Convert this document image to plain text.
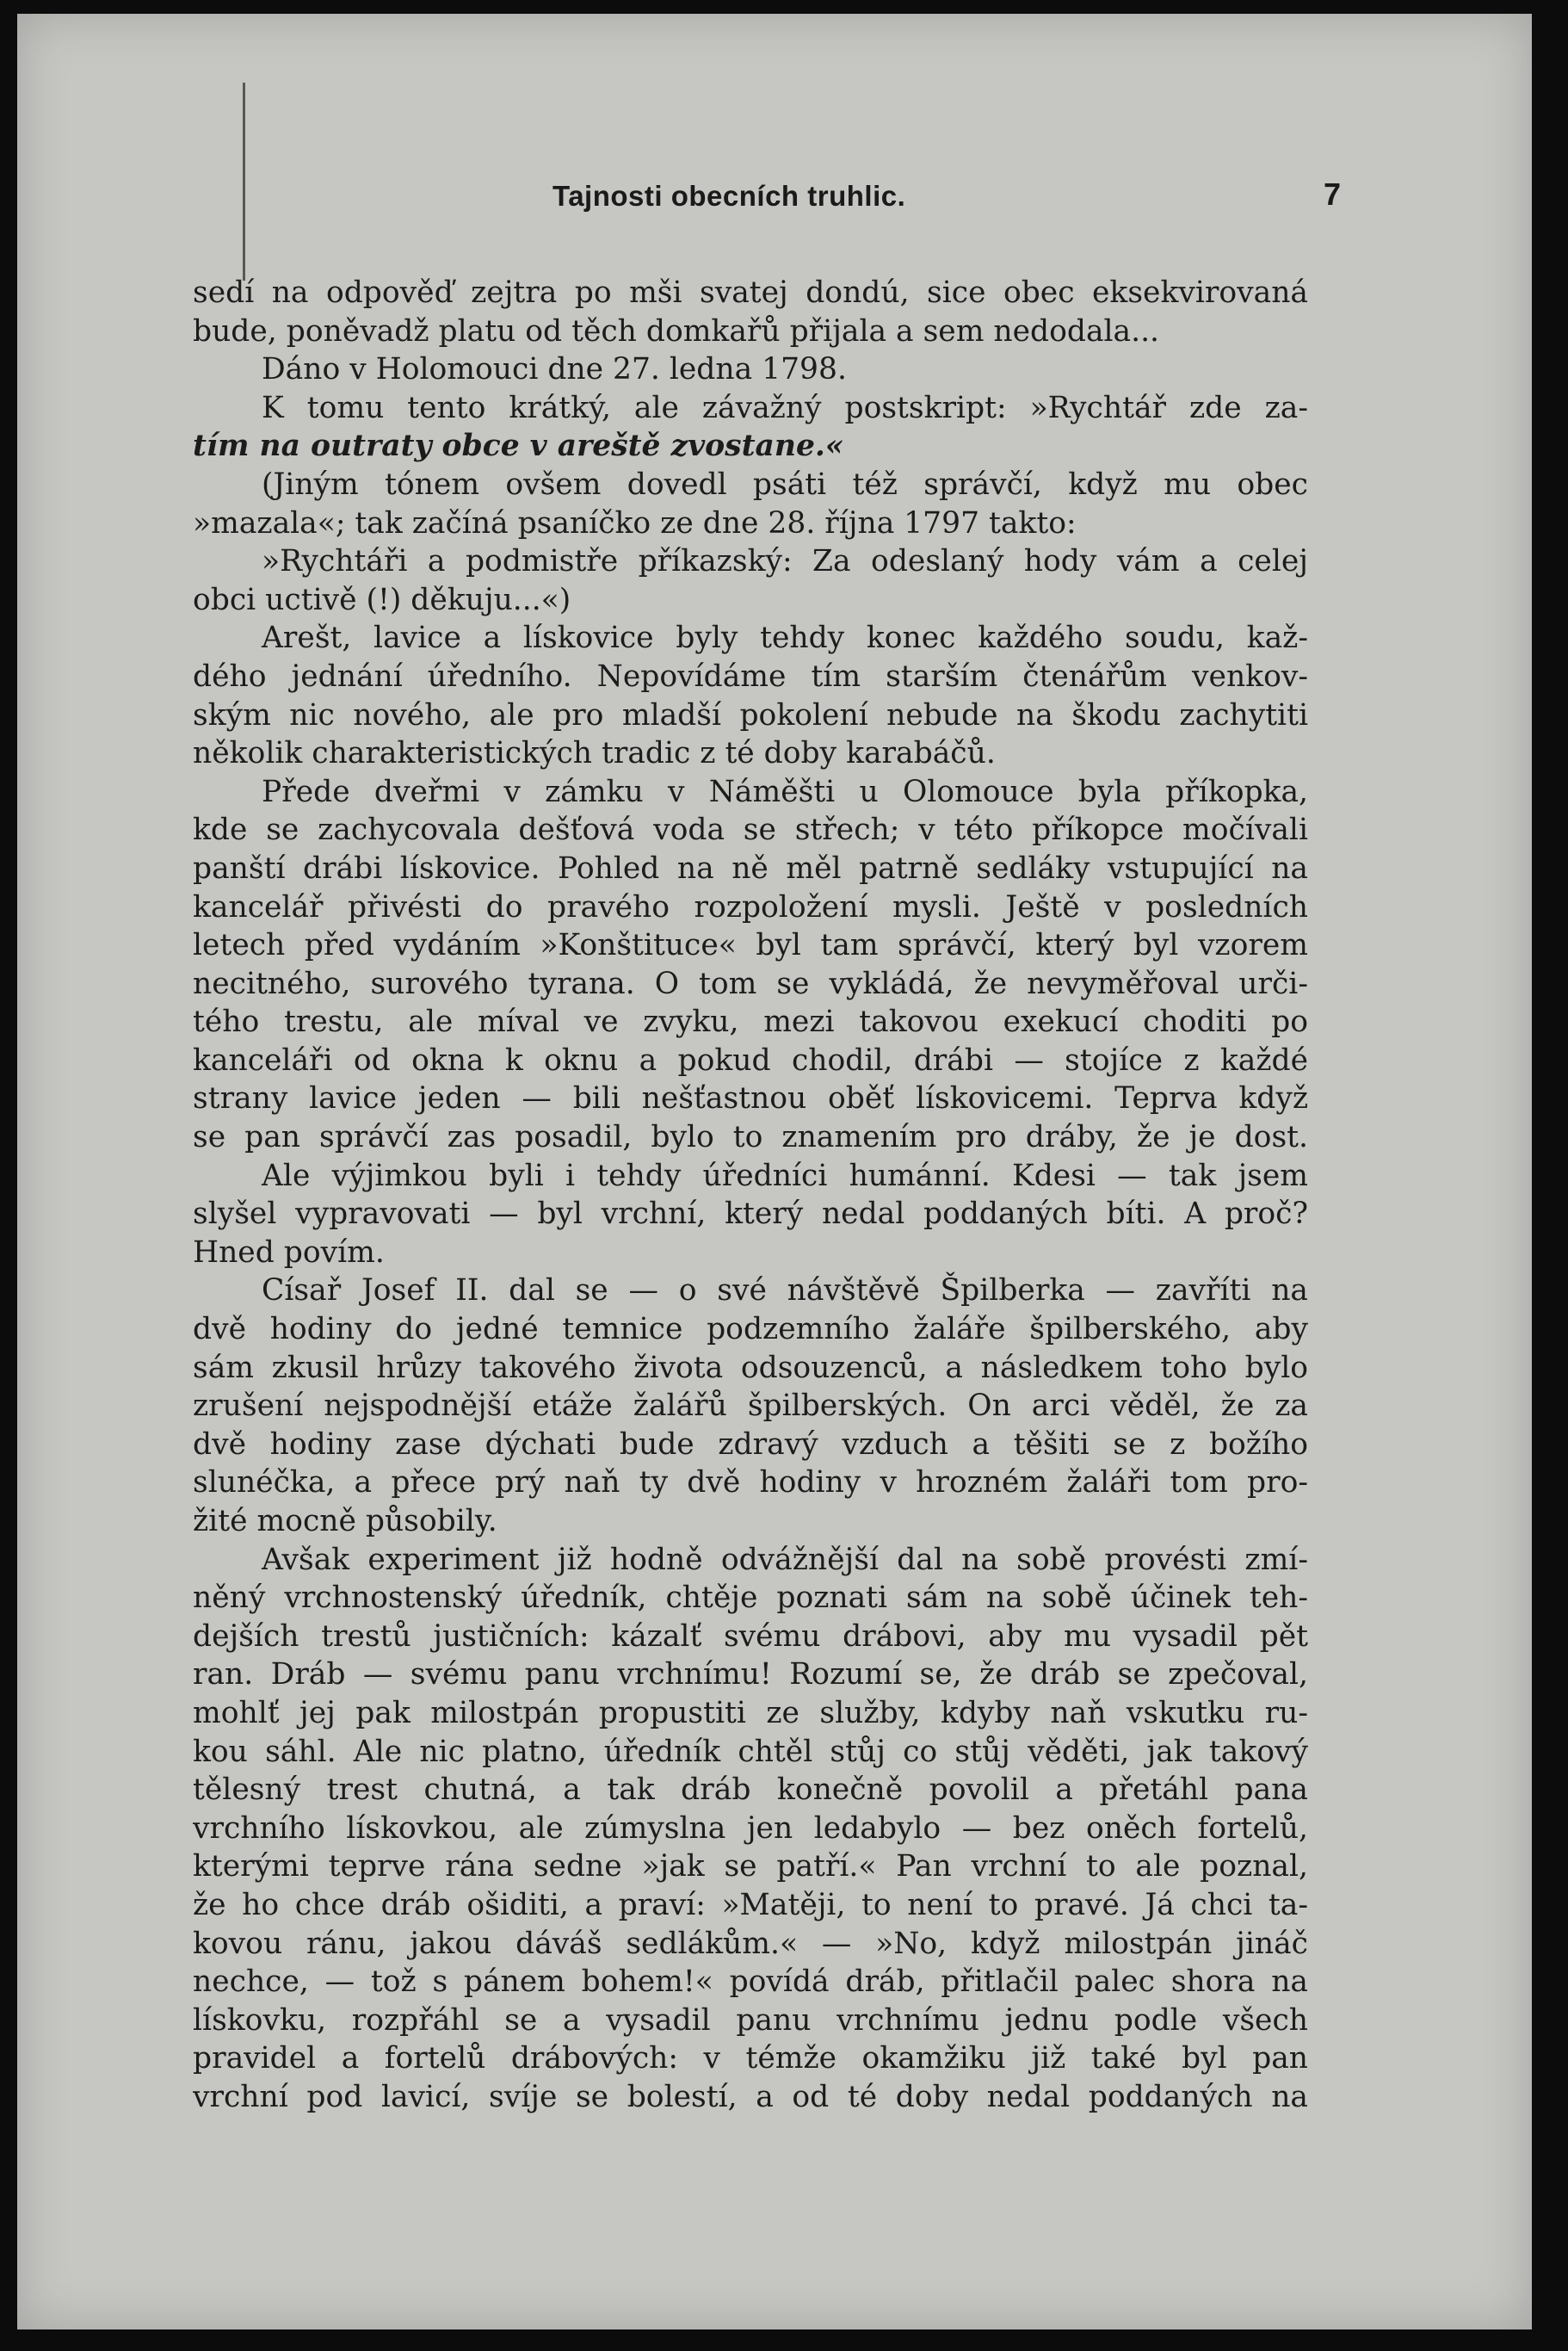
Tajnosti obecních truhlic.	7
sedí na odpověď zejtra po mši svatej dondú, sice obec eksekvirovaná
bude, poněvadž platu od těch domkařů přijala a sem nedodala...
Dáno v Holomouci dne 27. ledna 1798.
K tomu tento krátký, ale závažný postskript: »Rychtář zde za-
tím na outraty obce v areště zvostane.«
(Jiným tónem ovšem dovedl psáti též správčí, když mu obec
»mazala«; tak začíná psaníčko ze dne 28. října 1797 takto:
»Rychtáři a podmistře příkazský: Za odeslaný hody vám a celej
obci uctivě (!) děkuju...«)
Arešt, lavice a lískovice byly tehdy konec každého soudu, kaž-
dého jednání úředního. Nepovídáme tím starším čtenářům venkov-
ským nic nového, ale pro mladší pokolení nebude na škodu zachytiti
několik charakteristických tradic z té doby karabáčů.
Přede dveřmi v zámku v Náměšti u Olomouce byla příkopka,
kde se zachycovala dešťová voda se střech; v této příkopce močívali
panští drábi lískovice. Pohled na ně měl patrně sedláky vstupující na
kancelář přivésti do pravého rozpoložení mysli. Ještě v posledních
letech před vydáním »Konštituce« byl tam správčí, který byl vzorem
necitného, surového tyrana. O tom se vykládá, že nevyměřoval urči-
tého trestu, ale míval ve zvyku, mezi takovou exekucí choditi po
kanceláři od okna k oknu a pokud chodil, drábi — stojíce z každé
strany lavice jeden — bili nešťastnou oběť lískovicemi. Teprva když
se pan správčí zas posadil, bylo to znamením pro dráby, že je dost.
Ale výjimkou byli i tehdy úředníci humánní. Kdesi — tak jsem
slyšel vypravovati — byl vrchní, který nedal poddaných bíti. A proč?
Hned povím.
Císař Josef II. dal se — o své návštěvě Špilberka — zavříti na
dvě hodiny do jedné temnice podzemního žaláře špilberského, aby
sám zkusil hrůzy takového života odsouzenců, a následkem toho bylo
zrušení nejspodnější etáže žalářů špilberských. On arci věděl, že za
dvě hodiny zase dýchati bude zdravý vzduch a těšiti se z božího
slunéčka, a přece prý naň ty dvě hodiny v hrozném žaláři tom pro-
žité mocně působily.
Avšak experiment již hodně odvážnější dal na sobě provésti zmí-
něný vrchnostenský úředník, chtěje poznati sám na sobě účinek teh-
dejších trestů justičních: kázalť svému drábovi, aby mu vysadil pět
ran. Dráb — svému panu vrchnímu! Rozumí se, že dráb se zpečoval,
mohlť jej pak milostpán propustiti ze služby, kdyby naň vskutku ru-
kou sáhl. Ale nic platno, úředník chtěl stůj co stůj věděti, jak takový
tělesný trest chutná, a tak dráb konečně povolil a přetáhl pana
vrchního lískovkou, ale zúmyslna jen ledabylo — bez oněch fortelů,
kterými teprve rána sedne »jak se patří.« Pan vrchní to ale poznal,
že ho chce dráb ošiditi, a praví: »Matěji, to není to pravé. Já chci ta-
kovou ránu, jakou dáváš sedlákům.« — »No, když milostpán jináč
nechce, — tož s pánem bohem!« povídá dráb, přitlačil palec shora na
lískovku, rozpřáhl se a vysadil panu vrchnímu jednu podle všech
pravidel a fortelů drábových: v témže okamžiku již také byl pan
vrchní pod lavicí, svíje se bolestí, a od té doby nedal poddaných na
